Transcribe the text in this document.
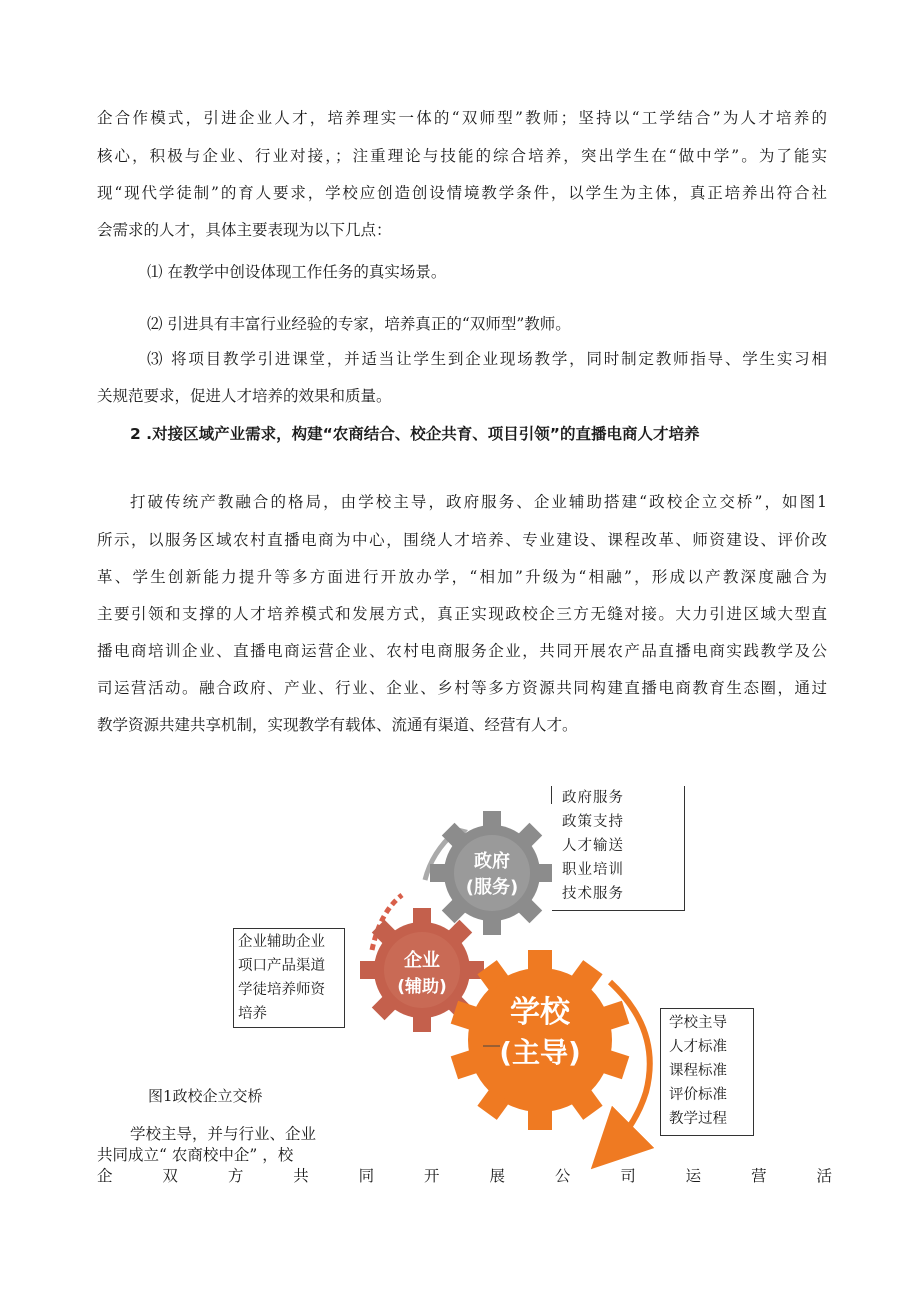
企合作模式，引进企业人才，培养理实一体的“双师型”教师；坚持以“工学结合”为人才培养的
核心，积极与企业、行业对接，；注重理论与技能的综合培养，突出学生在“做中学”。为了能实
现“现代学徒制”的育人要求，学校应创造创设情境教学条件，以学生为主体，真正培养出符合社
会需求的人才，具体主要表现为以下几点：
⑴ 在教学中创设体现工作任务的真实场景。
⑵ 引进具有丰富行业经验的专家，培养真正的“双师型”教师。
⑶ 将项目教学引进课堂，并适当让学生到企业现场教学，同时制定教师指导、学生实习相
关规范要求，促进人才培养的效果和质量。
2 .对接区域产业需求，构建“农商结合、校企共育、项目引领”的直播电商人才培养
打破传统产教融合的格局，由学校主导，政府服务、企业辅助搭建“政校企立交桥”，如图1
所示，以服务区域农村直播电商为中心，围绕人才培养、专业建设、课程改革、师资建设、评价改
革、学生创新能力提升等多方面进行开放办学，“相加”升级为“相融”，形成以产教深度融合为
主要引领和支撑的人才培养模式和发展方式，真正实现政校企三方无缝对接。大力引进区域大型直
播电商培训企业、直播电商运营企业、农村电商服务企业，共同开展农产品直播电商实践教学及公
司运营活动。融合政府、产业、行业、企业、乡村等多方资源共同构建直播电商教育生态圈，通过
教学资源共建共享机制，实现教学有载体、流通有渠道、经营有人才。
政府
(服务)
企业
(辅助)
学校
(主导)
政府服务
政策支持
人才输送
职业培训
技术服务
企业辅助企业
项口产品渠道
学徒培养师资
培养
学校主导
人才标准
课程标准
评价标准
教学过程
图1政校企立交桥
学校主导，并与行业、企业
共同成立“ 农商校中企” ，校
企	双	方	共	同	开	展	公	司	运	营	活
